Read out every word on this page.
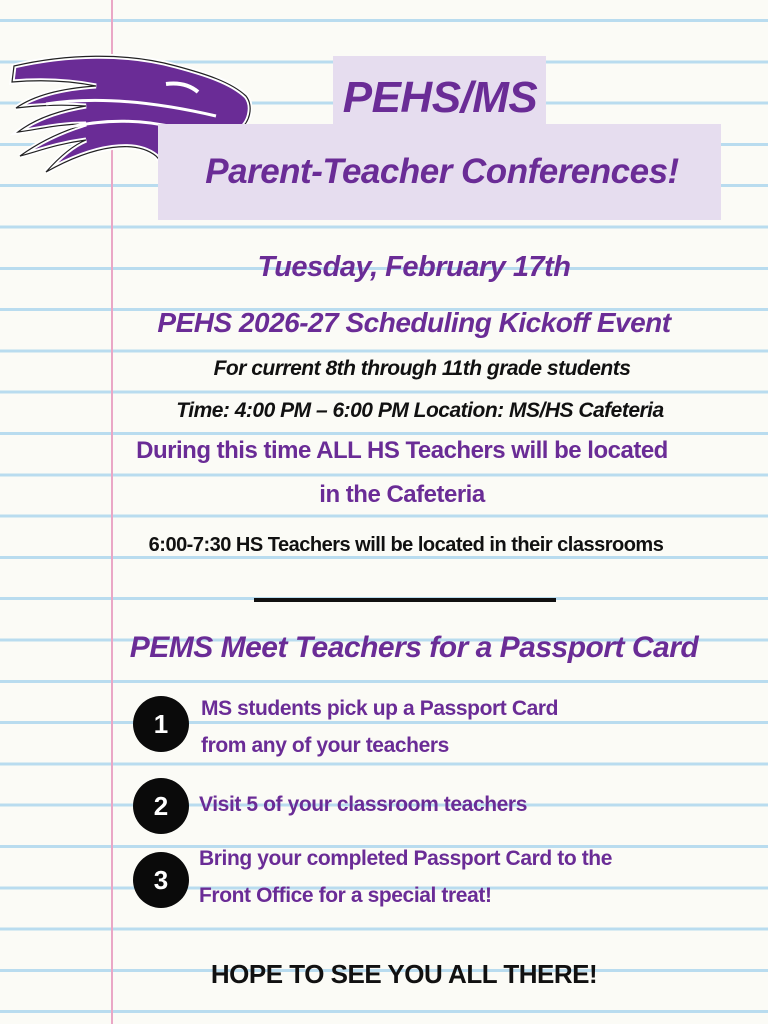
PEHS/MS
Parent-Teacher Conferences!
Tuesday, February 17th
PEHS 2026-27 Scheduling Kickoff Event
For current 8th through 11th grade students
Time: 4:00 PM – 6:00 PM Location: MS/HS Cafeteria
During this time ALL HS Teachers will be located
in the Cafeteria
6:00-7:30 HS Teachers will be located in their classrooms
PEMS Meet Teachers for a Passport Card
1	MS students pick up a Passport Card
from any of your teachers
2	Visit 5 of your classroom teachers
3
Bring your completed Passport Card to the
Front Office for a special treat!
HOPE TO SEE YOU ALL THERE!
